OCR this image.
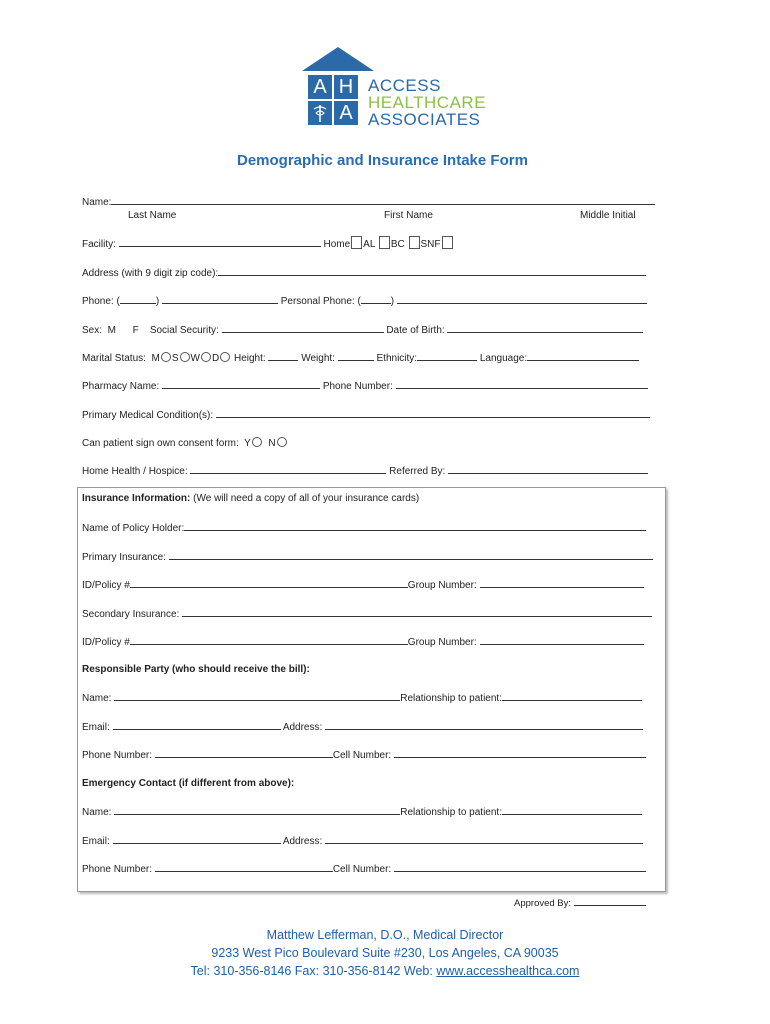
A H
A
ACCESS
HEALTHCARE
ASSOCIATES
Demographic and Insurance Intake Form
Name:
Last Name	First Name	Middle Initial
Facility:	Home AL BC SNF
Address (with 9 digit zip code):
Phone: (	)	Personal Phone: (	)
Sex: M F Social Security:	Date of Birth:
Marital Status: M S W D Height:	Weight:	Ethnicity:	Language:
Pharmacy Name:	Phone Number:
Primary Medical Condition(s):
Can patient sign own consent form: Y N
Home Health / Hospice:	Referred By:
Insurance Information: (We will need a copy of all of your insurance cards)
Name of Policy Holder:
Primary Insurance:
ID/Policy #	Group Number:
Secondary Insurance:
ID/Policy #	Group Number:
Responsible Party (who should receive the bill):
Name:	Relationship to patient:
Email:	Address:
Phone Number:	Cell Number:
Emergency Contact (if different from above):
Name:	Relationship to patient:
Email:	Address:
Phone Number:	Cell Number:
Approved By:
Matthew Lefferman, D.O., Medical Director
9233 West Pico Boulevard Suite #230, Los Angeles, CA 90035
Tel: 310-356-8146 Fax: 310-356-8142 Web: www.accesshealthca.com
